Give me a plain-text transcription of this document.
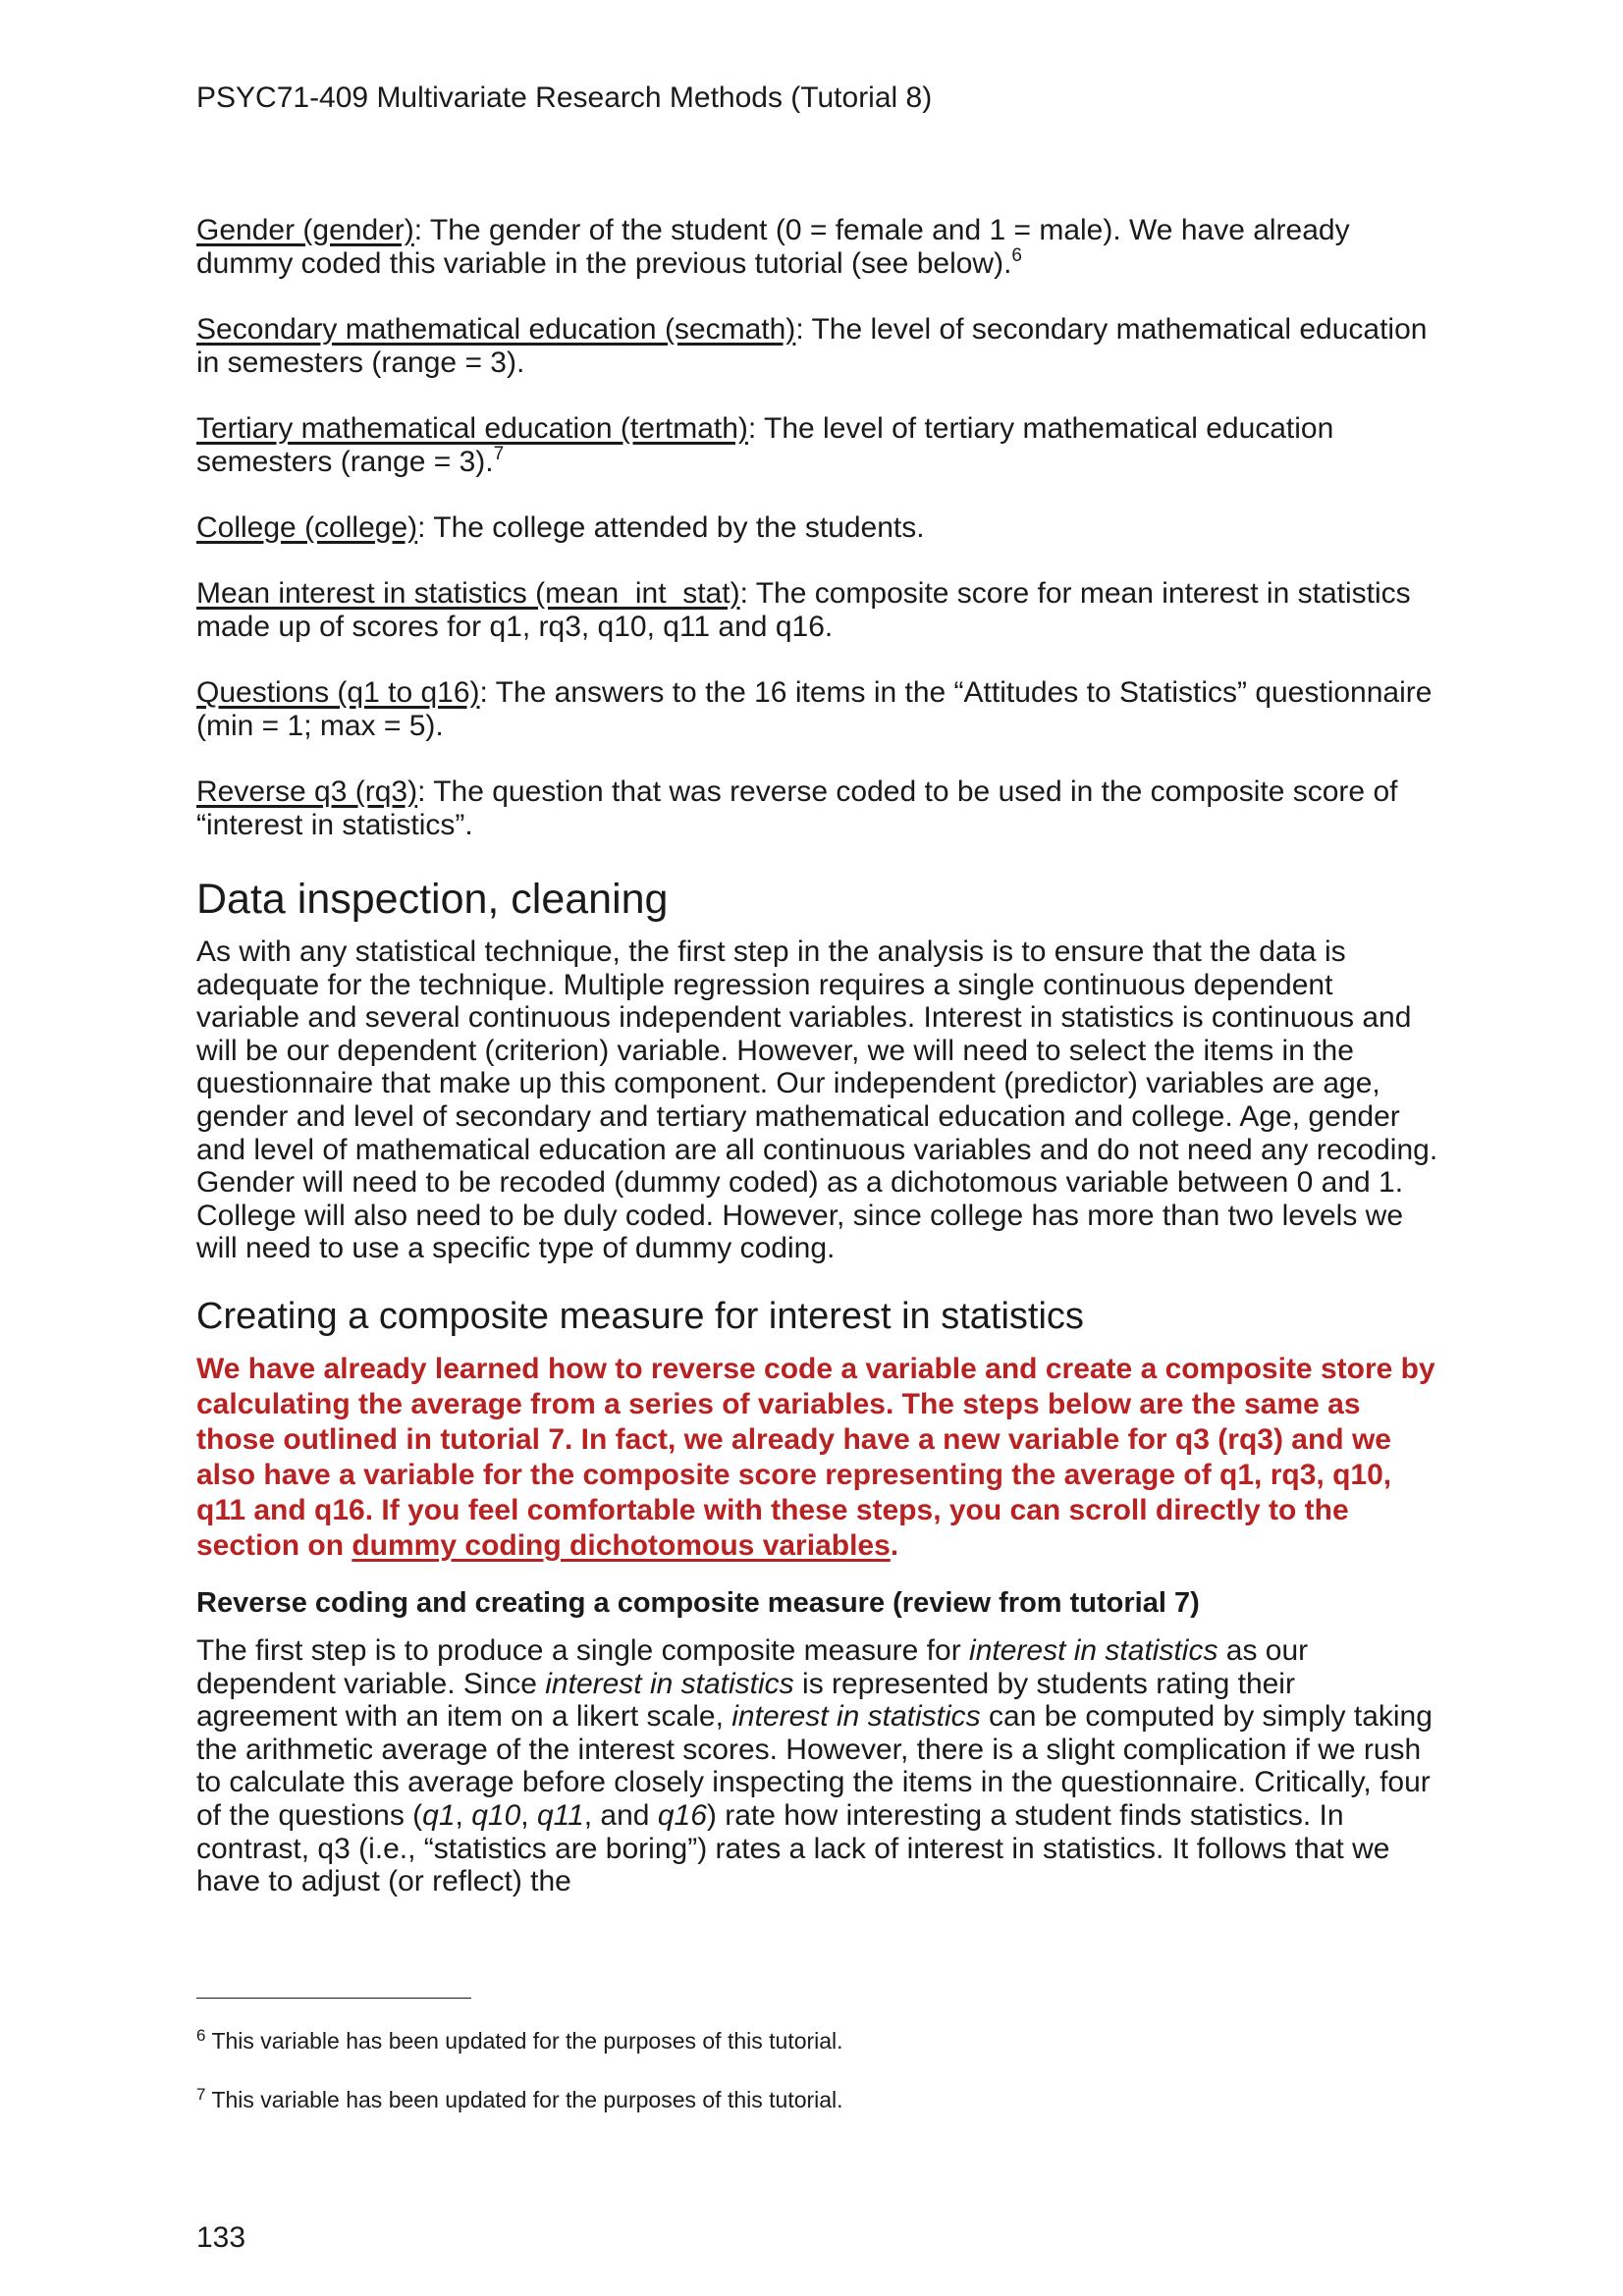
PSYC71-409 Multivariate Research Methods (Tutorial 8)

Gender (gender): The gender of the student (0 = female and 1 = male). We have already dummy coded this variable in the previous tutorial (see below).$^6$

Secondary mathematical education (secmath): The level of secondary mathematical education in semesters (range = 3).

Tertiary mathematical education (tertmath): The level of tertiary mathematical education semesters (range = 3).$^7$

College (college): The college attended by the students.

Mean interest in statistics (mean_int_stat): The composite score for mean interest in statistics made up of scores for q1, rq3, q10, q11 and q16.

Questions (q1 to q16): The answers to the 16 items in the “Attitudes to Statistics” questionnaire (min = 1; max = 5).

Reverse q3 (rq3): The question that was reverse coded to be used in the composite score of “interest in statistics”.

Data inspection, cleaning

As with any statistical technique, the first step in the analysis is to ensure that the data is adequate for the technique. Multiple regression requires a single continuous dependent variable and several continuous independent variables. Interest in statistics is continuous and will be our dependent (criterion) variable. However, we will need to select the items in the questionnaire that make up this component. Our independent (predictor) variables are age, gender and level of secondary and tertiary mathematical education and college. Age, gender and level of mathematical education are all continuous variables and do not need any recoding. Gender will need to be recoded (dummy coded) as a dichotomous variable between 0 and 1. College will also need to be duly coded. However, since college has more than two levels we will need to use a specific type of dummy coding.

Creating a composite measure for interest in statistics

We have already learned how to reverse code a variable and create a composite store by calculating the average from a series of variables. The steps below are the same as those outlined in tutorial 7. In fact, we already have a new variable for q3 (rq3) and we also have a variable for the composite score representing the average of q1, rq3, q10, q11 and q16. If you feel comfortable with these steps, you can scroll directly to the section on dummy coding dichotomous variables.

Reverse coding and creating a composite measure (review from tutorial 7)

The first step is to produce a single composite measure for interest in statistics as our dependent variable. Since interest in statistics is represented by students rating their agreement with an item on a likert scale, interest in statistics can be computed by simply taking the arithmetic average of the interest scores. However, there is a slight complication if we rush to calculate this average before closely inspecting the items in the questionnaire. Critically, four of the questions (q1, q10, q11, and q16) rate how interesting a student finds statistics. In contrast, q3 (i.e., “statistics are boring”) rates a lack of interest in statistics. It follows that we have to adjust (or reflect) the

$^6$ This variable has been updated for the purposes of this tutorial.

$^7$ This variable has been updated for the purposes of this tutorial.

133
